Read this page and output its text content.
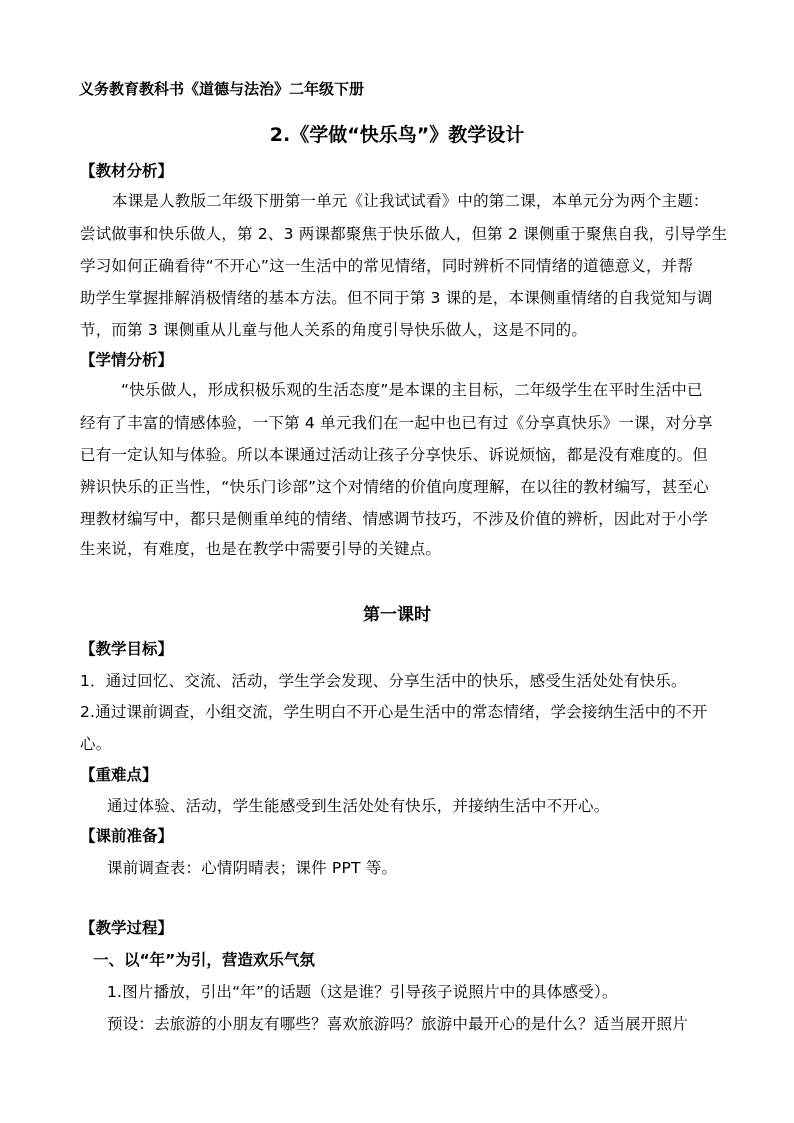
义务教育教科书《道德与法治》二年级下册
2.《学做“快乐鸟”》教学设计
【教材分析】
本课是人教版二年级下册第一单元《让我试试看》中的第二课，本单元分为两个主题：
尝试做事和快乐做人，第 2、3 两课都聚焦于快乐做人，但第 2 课侧重于聚焦自我，引导学生
学习如何正确看待“不开心”这一生活中的常见情绪，同时辨析不同情绪的道德意义，并帮
助学生掌握排解消极情绪的基本方法。但不同于第 3 课的是，本课侧重情绪的自我觉知与调
节，而第 3 课侧重从儿童与他人关系的角度引导快乐做人，这是不同的。
【学情分析】
“快乐做人，形成积极乐观的生活态度”是本课的主目标，二年级学生在平时生活中已
经有了丰富的情感体验，一下第 4 单元我们在一起中也已有过《分享真快乐》一课，对分享
已有一定认知与体验。所以本课通过活动让孩子分享快乐、诉说烦恼，都是没有难度的。但
辨识快乐的正当性，“快乐门诊部”这个对情绪的价值向度理解，在以往的教材编写，甚至心
理教材编写中，都只是侧重单纯的情绪、情感调节技巧，不涉及价值的辨析，因此对于小学
生来说，有难度，也是在教学中需要引导的关键点。
第一课时
【教学目标】
1．通过回忆、交流、活动，学生学会发现、分享生活中的快乐，感受生活处处有快乐。
2.通过课前调查，小组交流，学生明白不开心是生活中的常态情绪，学会接纳生活中的不开
心。
【重难点】
通过体验、活动，学生能感受到生活处处有快乐，并接纳生活中不开心。
【课前准备】
课前调查表：心情阴晴表；课件 PPT 等。
【教学过程】
一、以“年”为引，营造欢乐气氛
1.图片播放，引出“年”的话题（这是谁？引导孩子说照片中的具体感受）。
预设：去旅游的小朋友有哪些？喜欢旅游吗？旅游中最开心的是什么？适当展开照片
